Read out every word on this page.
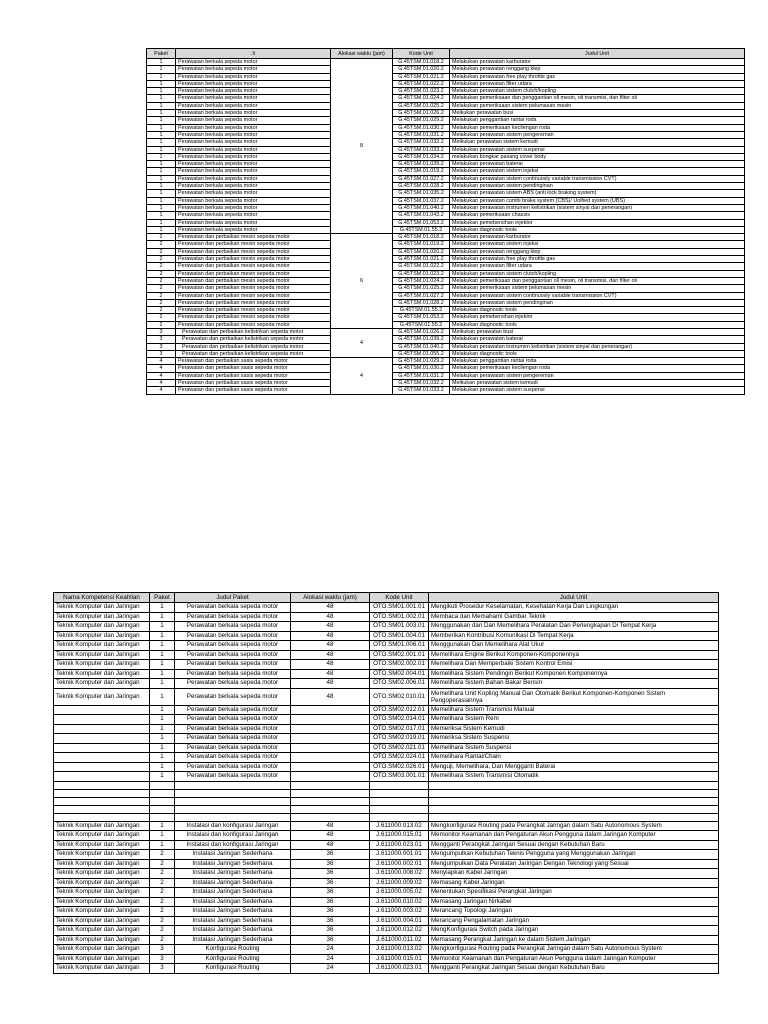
Paket	.li	Alokasi waktu (jam)	Kode Unit	Judul Unit
1	Perawatan berkala sepeda motor	8	G.45TSM.01.018.2	Melakukan perawatan karburator
1	Perawatan berkala sepeda motor		G.45TSM.01.020.2	Melakukan perawatan renggang klep
1	Perawatan berkala sepeda motor		G.45TSM.01.021.2	Melakukan perawatan free play throttle gas
1	Perawatan berkala sepeda motor		G.45TSM.01.022.2	Melakukan perawatan filter udara
1	Perawatan berkala sepeda motor		G.45TSM.01.023.2	Melakukan perawatan sistem clutch/kopling
1	Perawatan berkala sepeda motor		G.45TSM.01.024.2	Melakukan pemeriksaan dan penggantian oli mesin, oli transmisi, dan filter oli
1	Perawatan berkala sepeda motor		G.45TSM.01.025.2	Melakukan pemeriksaan sistem pelumasan mesin
1	Perawatan berkala sepeda motor		G.45TSM.01.026.2	Melkukan perawatan busi
1	Perawatan berkala sepeda motor		G.45TSM.01.029.2	Melakukan penggantian rantai roda
1	Perawatan berkala sepeda motor		G.45TSM.01.030.2	Melakukan pemeriksaan kecilengan roda
1	Perawatan berkala sepeda motor		G.45TSM.01.031.2	Melakukan perawatan sistem pengereman
1	Perawatan berkala sepeda motor		G.45TSM.01.032.2	Melkukan perawatan sistem kemudi
1	Perawatan berkala sepeda motor		G.45TSM.01.033.2	Melakukan perawatan sistem suspensi
1	Perawatan berkala sepeda motor		G.45TSM.01.034.2	melakukan bongkar pasang cover body
1	Perawatan berkala sepeda motor		G.45TSM.01.039.2	Melakukan perawatan baterai
1	Perawatan berkala sepeda motor		G.45TSM.01.019.2	Melakukan perawatan sistem injeksi
1	Perawatan berkala sepeda motor		G.45TSM.01.027.2	Melakukan perawatan sistem continuosly variable transmission CVT)
1	Perawatan berkala sepeda motor		G.45TSM.01.028.2	Melakukan perawatan sistem pendinginan
1	Perawatan berkala sepeda motor		G.45TSM.01.035.2	Melakukan perawatan sistem ABS (anti lock braking system)
1	Perawatan berkala sepeda motor		G.45TSM.01.037.2	Melakukan perawatan combi brake system (CBS)/ Unified system (UBS)
1	Perawatan berkala sepeda motor		G.45TSM.01.040.2	Melakukan perawatan instrumen kelistrikan (sistem sinyal dan penerangan)
1	Perawatan berkala sepeda motor		G.45TSM.01.043.2	Melakukan pemeriksaan chassis
1	Perawatan berkala sepeda motor		G.45TSM.01.053.2	Melakukan pemebersihan injektor
1	Perawatan berkala sepeda motor		G.45TSM.01.55.2	Melakukan diagnostic tools
2	Perawatan dan perbaikan mesin sepeda motor	6	G.45TSM.01.018.2	Melakukan perawatan karburator
2	Perawatan dan perbaikan mesin sepeda motor		G.45TSM.01.019.2	Melakukan perawatan sistem injeksi
2	Perawatan dan perbaikan mesin sepeda motor		G.45TSM.01.020.2	Melakukan perawatan renggang klep
2	Perawatan dan perbaikan mesin sepeda motor		G.45TSM.01.021.2	Melakukan perawatan free play throttle gas
2	Perawatan dan perbaikan mesin sepeda motor		G.45TSM.01.022.2	Melakukan perawatan filter udara
2	Perawatan dan perbaikan mesin sepeda motor		G.45TSM.01.023.2	Melakukan perawatan sistem clutch/kopling
2	Perawatan dan perbaikan mesin sepeda motor		G.45TSM.01.024.2	Melakukan pemeriksaan dan penggantian oli mesin, oli transmisi, dan filter oli
2	Perawatan dan perbaikan mesin sepeda motor		G.45TSM.01.025.2	Melakukan pemeriksaan sistem pelumasan mesin
2	Perawatan dan perbaikan mesin sepeda motor		G.45TSM.01.027.2	Melakukan perawatan sistem continuosly variable transmission CVT)
2	Perawatan dan perbaikan mesin sepeda motor		G.45TSM.01.028.2	Melakukan perawatan sistem pendinginan
2	Perawatan dan perbaikan mesin sepeda motor		G.45TSM.01.55.2	Melakukan diagnostic tools
2	Perawatan dan perbaikan mesin sepeda motor		G.45TSM.01.053.2	Melakukan pemebersihan injektor
2	Perawatan dan perbaikan mesin sepeda motor		G.45TSM.01.55.2	Melakukan diagnostic tools
3	Perawatan dan perbaikan kelistrikan sepeda motor	4	G.45TSM.01.026.2	Melkukan perawatan busi
3	Perawatan dan perbaikan kelistrikan sepeda motor		G.45TSM.01.039.2	Melakukan perawatan baterai
3	Perawatan dan perbaikan kelistrikan sepeda motor		G.45TSM.01.040.2	Melakukan perawatan instrumen kelistrikan (sistem sinyal dan penerangan)
3	Perawatan dan perbaikan kelistrikan sepeda motor		G.45TSM.01.055.2	Melakukan diagnostic tools
4	Perawatan dan perbaikan sasis sepeda motor	4	G.45TSM.01.029.2	Melakukan penggantian rantai roda
4	Perawatan dan perbaikan sasis sepeda motor		G.45TSM.01.030.2	Melakukan pemeriksaan kecilengan roda
4	Perawatan dan perbaikan sasis sepeda motor		G.45TSM.01.031.2	Melakukan perawatan sistem pengereman
4	Perawatan dan perbaikan sasis sepeda motor		G.45TSM.01.032.2	Melkukan perawatan sistem kemudi
4	Perawatan dan perbaikan sasis sepeda motor		G.45TSM.01.033.2	Melakukan perawatan sistem suspensi
Nama Kompetensi Keahlian	Paket	Judul Paket	Alokasi waktu (jam)	Kode Unit	Judul Unit
Teknik Komputer dan Jaringan	1	Perawatan berkala sepeda motor	48	OTO.SM01.001.01	Mengikuti Prosedur Keselamatan, Kesehatan Kerja Dan Lingkungan
Teknik Komputer dan Jaringan	1	Perawatan berkala sepeda motor	48	OTO.SM01.002.01	Membaca dan Memahami Gambar Teknik
Teknik Komputer dan Jaringan	1	Perawatan berkala sepeda motor	48	OTO.SM01.003.01	Menggunakan dan Dan Memelihara Peralatan Dan Perlengkapan Di Tempat Kerja
Teknik Komputer dan Jaringan	1	Perawatan berkala sepeda motor	48	OTO.SM01.004.01	Memberikan Kontribusi Komunikasi Di Tempat Kerja
Teknik Komputer dan Jaringan	1	Perawatan berkala sepeda motor	48	OTO.SM01.006.01	Menggunakan Dan Memelihara Alat Ukur
Teknik Komputer dan Jaringan	1	Perawatan berkala sepeda motor	48	OTO.SM02.001.01	Memelihara Engine Berikut Komponen-Komponennya
Teknik Komputer dan Jaringan	1	Perawatan berkala sepeda motor	48	OTO.SM02.002.01	Memelihara Dan Memperbaiki Sistem Kontrol Emisi
Teknik Komputer dan Jaringan	1	Perawatan berkala sepeda motor	48	OTO.SM02.004.01	Memelihara Sistem Pendingin Berikut Komponen Komponennya
Teknik Komputer dan Jaringan	1	Perawatan berkala sepeda motor	48	OTO.SM02.006.01	Memelihara Sistem Bahan Bakar Bensin
Teknik Komputer dan Jaringan	1	Perawatan berkala sepeda motor	48	OTO.SM02.010.01	Memelihara Unit Kopling Manual Dan Otomatik Berikut Komponen-Komponen Sistem Pengoperasiannya
	1	Perawatan berkala sepeda motor		OTO.SM02.012.01	Memelihara Sistem Transmisi Manual
	1	Perawatan berkala sepeda motor		OTO.SM02.014.01	Memelihara Sistem Rem
	1	Perawatan berkala sepeda motor		OTO.SM02.017.01	Memeriksa Sistem Kemudi
	1	Perawatan berkala sepeda motor		OTO.SM02.019.01	Memeriksa Sistem Suspensi
	1	Perawatan berkala sepeda motor		OTO.SM02.021.01	Memelihara Sistem Suspensi
	1	Perawatan berkala sepeda motor		OTO.SM02.024.01	Memelihara Rantai/Chain
	1	Perawatan berkala sepeda motor		OTO.SM02.026.01	Menguji, Memelihara, Dan Mengganti Baterai
	1	Perawatan berkala sepeda motor		OTO.SM03.001.01	Memelihara Sistem Transmisi Otomatik

Teknik Komputer dan Jaringan	1	Instalasi dan konfigurasi Jaringan	48	J.611000.013.02	Mengkonfigurasi Routing pada Perangkat Jaringan dalam Satu Autonomous System
Teknik Komputer dan Jaringan	1	Instalasi dan konfigurasi Jaringan	48	J.611000.015.01	Memonitor Keamanan dan Pengaturan Akun Pengguna dalam Jaringan Komputer
Teknik Komputer dan Jaringan	1	Instalasi dan konfigurasi Jaringan	48	J.611000.023.01	Mengganti Perangkat Jaringan Sesuai dengan Kebutuhan Baru
Teknik Komputer dan Jaringan	2	Instalasi Jaringan Sederhana	36	J.611000.001.01	Mengumpulkan Kebutuhan Teknis Pengguna yang Menggunakan Jaringan
Teknik Komputer dan Jaringan	2	Instalasi Jaringan Sederhana	36	J.611000.002.01	Mengumpulkan Data Peralatan Jaringan Dengan Teknologi yang Sesuai
Teknik Komputer dan Jaringan	2	Instalasi Jaringan Sederhana	36	J.611000.008.02	Menyiapkan Kabel Jaringan
Teknik Komputer dan Jaringan	2	Instalasi Jaringan Sederhana	36	J.611000.009.02	Memasang Kabel Jaringan
Teknik Komputer dan Jaringan	2	Instalasi Jaringan Sederhana	36	J.611000.005.02	Menentukan Spesifikasi Perangkat Jaringan
Teknik Komputer dan Jaringan	2	Instalasi Jaringan Sederhana	36	J.611000.010.02	Memasang Jaringan Nirkabel
Teknik Komputer dan Jaringan	2	Instalasi Jaringan Sederhana	36	J.611000.003.02	Merancang Topologi Jaringan
Teknik Komputer dan Jaringan	2	Instalasi Jaringan Sederhana	36	J.611000.004.01	Merancang Pengalamatan Jaringan
Teknik Komputer dan Jaringan	2	Instalasi Jaringan Sederhana	36	J.611000.012.02	MengKonfigurasi Switch pada Jaringan
Teknik Komputer dan Jaringan	2	Instalasi Jaringan Sederhana	36	J.611000.011.02	Memasang Perangkat Jaringan ke dalam Sistem Jaringan
Teknik Komputer dan Jaringan	3	Konfigurasi Routing	24	J.611000.013.02	Mengkonfigurasi Routing pada Perangkat Jaringan dalam Satu Autonomous System
Teknik Komputer dan Jaringan	3	Konfigurasi Routing	24	J.611000.015.01	Memonitor Keamanan dan Pengaturan Akun Pengguna dalam Jaringan Komputer
Teknik Komputer dan Jaringan	3	Konfigurasi Routing	24	J.611000.023.01	Mengganti Perangkat Jaringan Sesuai dengan Kebutuhan Baru
